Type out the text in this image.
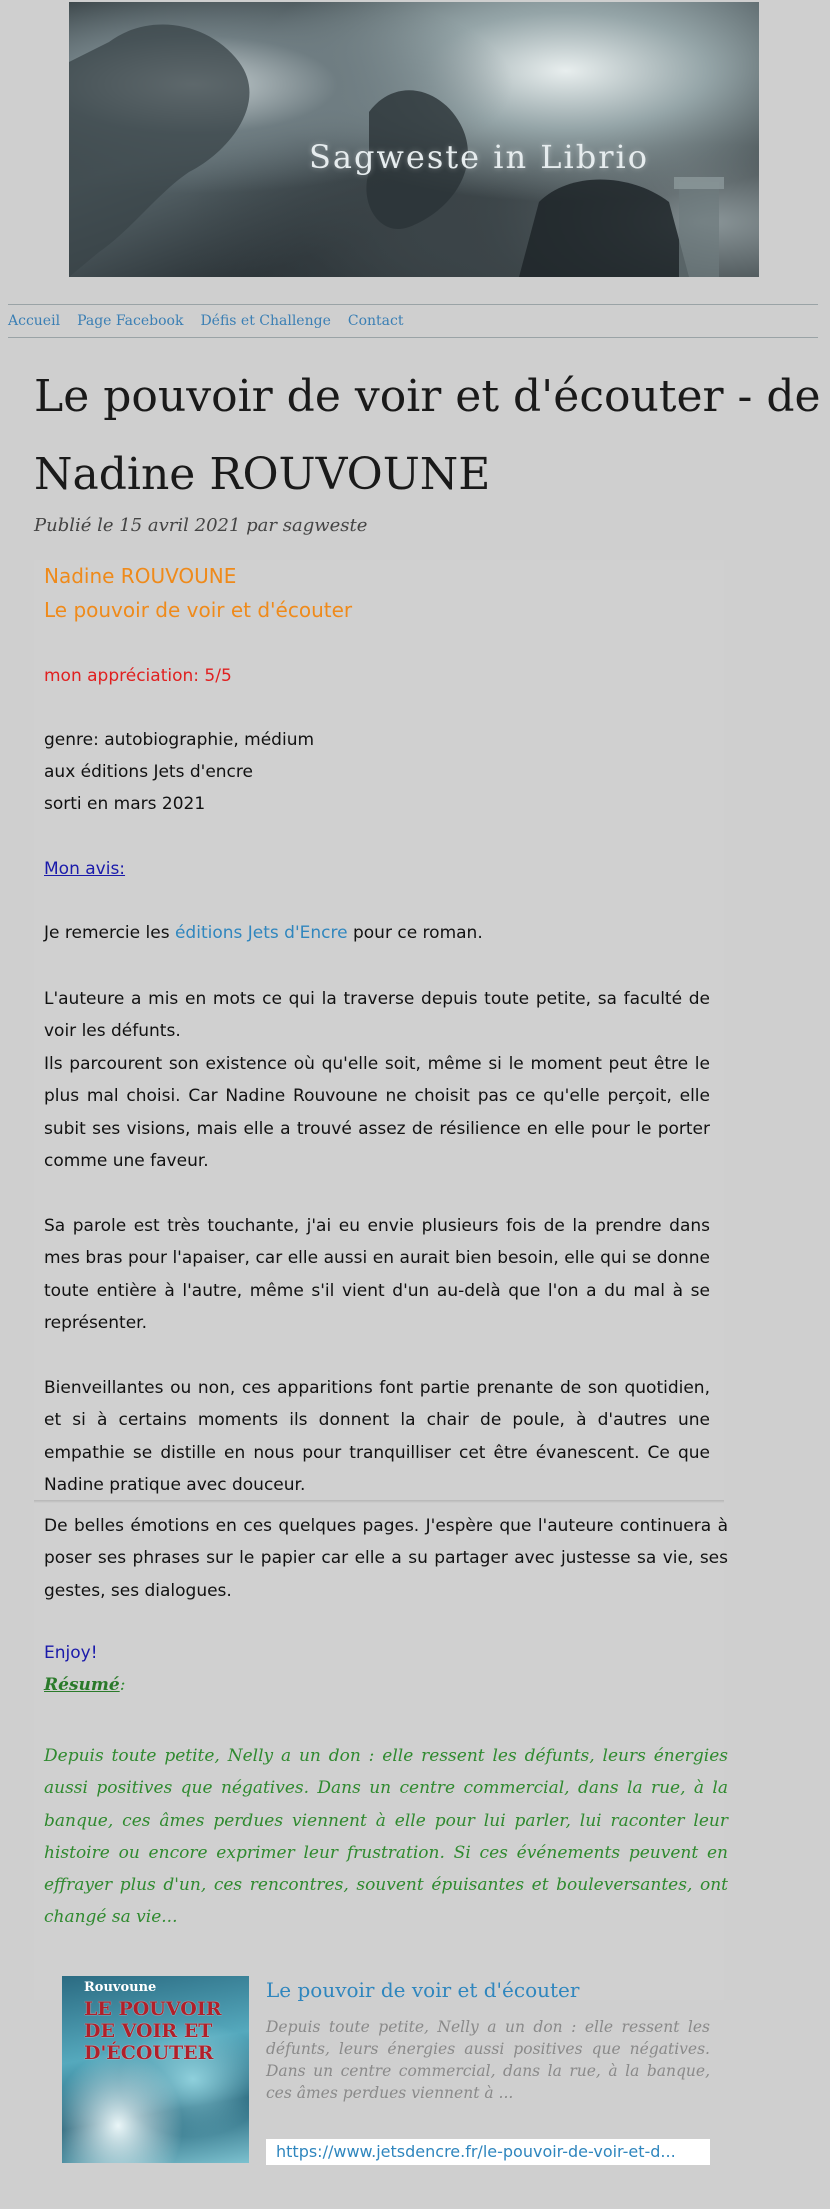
Sagweste in Librio
Accueil Page Facebook Défis et Challenge Contact
Le pouvoir de voir et d'écouter - de
Nadine ROUVOUNE
Publié le 15 avril 2021 par sagweste
Nadine ROUVOUNE
Le pouvoir de voir et d'écouter
mon appréciation: 5/5
genre: autobiographie, médium
aux éditions Jets d'encre
sorti en mars 2021
Mon avis:
Je remercie les éditions Jets d'Encre pour ce roman.
L'auteure a mis en mots ce qui la traverse depuis toute petite, sa faculté de voir les défunts.
Ils parcourent son existence où qu'elle soit, même si le moment peut être le plus mal choisi. Car Nadine Rouvoune ne choisit pas ce qu'elle perçoit, elle subit ses visions, mais elle a trouvé assez de résilience en elle pour le porter comme une faveur.
Sa parole est très touchante, j'ai eu envie plusieurs fois de la prendre dans mes bras pour l'apaiser, car elle aussi en aurait bien besoin, elle qui se donne toute entière à l'autre, même s'il vient d'un au-delà que l'on a du mal à se représenter.
Bienveillantes ou non, ces apparitions font partie prenante de son quotidien, et si à certains moments ils donnent la chair de poule, à d'autres une empathie se distille en nous pour tranquilliser cet être évanescent. Ce que Nadine pratique avec douceur.
De belles émotions en ces quelques pages. J'espère que l'auteure continuera à poser ses phrases sur le papier car elle a su partager avec justesse sa vie, ses gestes, ses dialogues.
Enjoy!
Résumé:
Depuis toute petite, Nelly a un don : elle ressent les défunts, leurs énergies aussi positives que négatives. Dans un centre commercial, dans la rue, à la banque, ces âmes perdues viennent à elle pour lui parler, lui raconter leur histoire ou encore exprimer leur frustration. Si ces événements peuvent en effrayer plus d'un, ces rencontres, souvent épuisantes et bouleversantes, ont changé sa vie...
Rouvoune
LE POUVOIR DE VOIR ET D'ÉCOUTER
Le pouvoir de voir et d'écouter
Depuis toute petite, Nelly a un don : elle ressent les défunts, leurs énergies aussi positives que négatives. Dans un centre commercial, dans la rue, à la banque, ces âmes perdues viennent à ...
https://www.jetsdencre.fr/le-pouvoir-de-voir-et-d...
